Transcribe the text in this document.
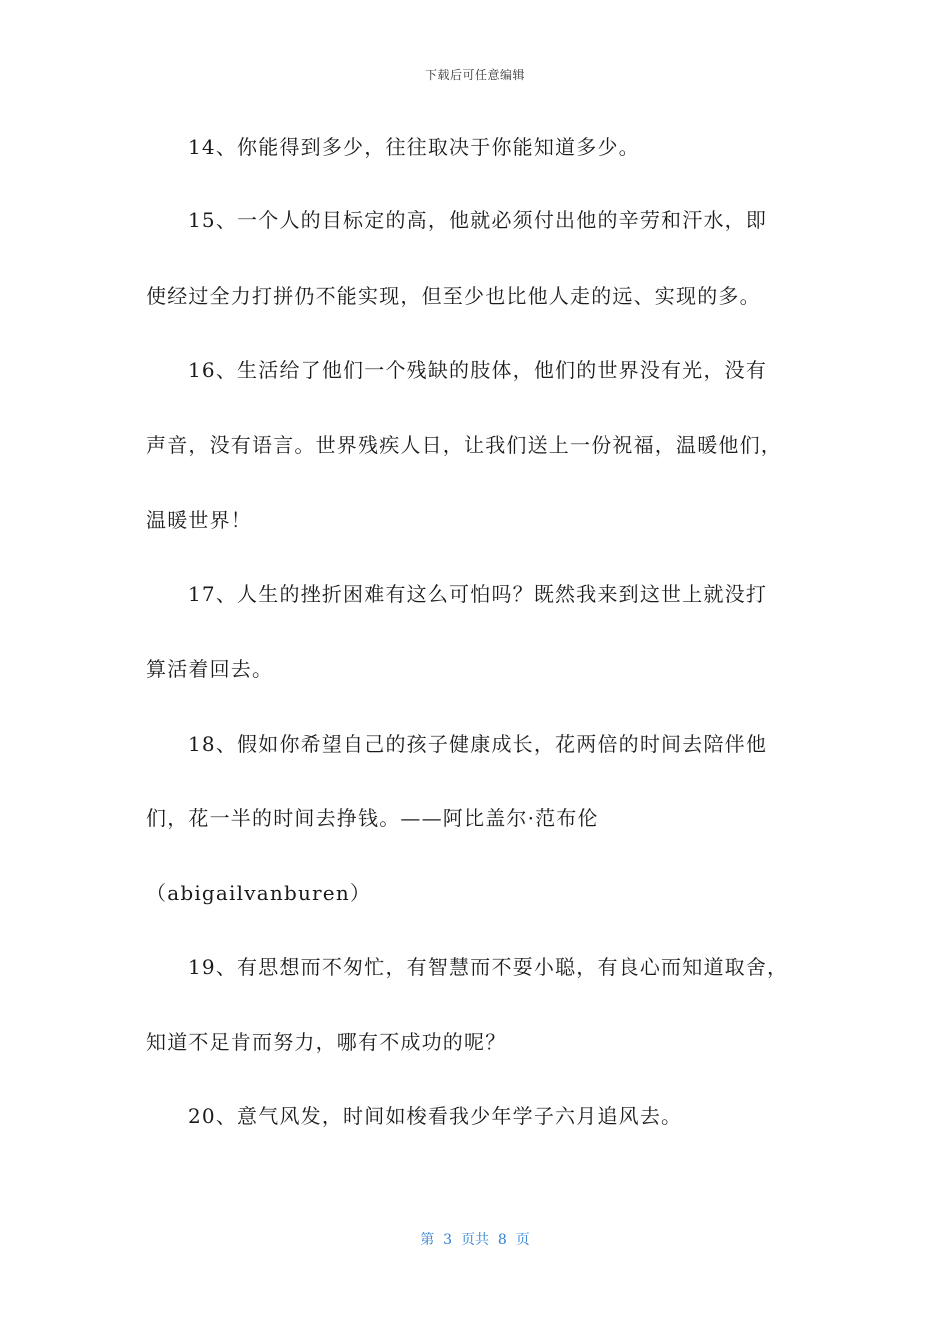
下载后可任意编辑
14、你能得到多少，往往取决于你能知道多少。
15、一个人的目标定的高，他就必须付出他的辛劳和汗水，即
使经过全力打拼仍不能实现，但至少也比他人走的远、实现的多。
16、生活给了他们一个残缺的肢体，他们的世界没有光，没有
声音，没有语言。世界残疾人日，让我们送上一份祝福，温暖他们，
温暖世界！
17、人生的挫折困难有这么可怕吗？既然我来到这世上就没打
算活着回去。
18、假如你希望自己的孩子健康成长，花两倍的时间去陪伴他
们，花一半的时间去挣钱。——阿比盖尔·范布伦
（abigailvanburen）
19、有思想而不匆忙，有智慧而不耍小聪，有良心而知道取舍，
知道不足肯而努力，哪有不成功的呢？
20、意气风发，时间如梭看我少年学子六月追风去。
第  3  页共  8  页
